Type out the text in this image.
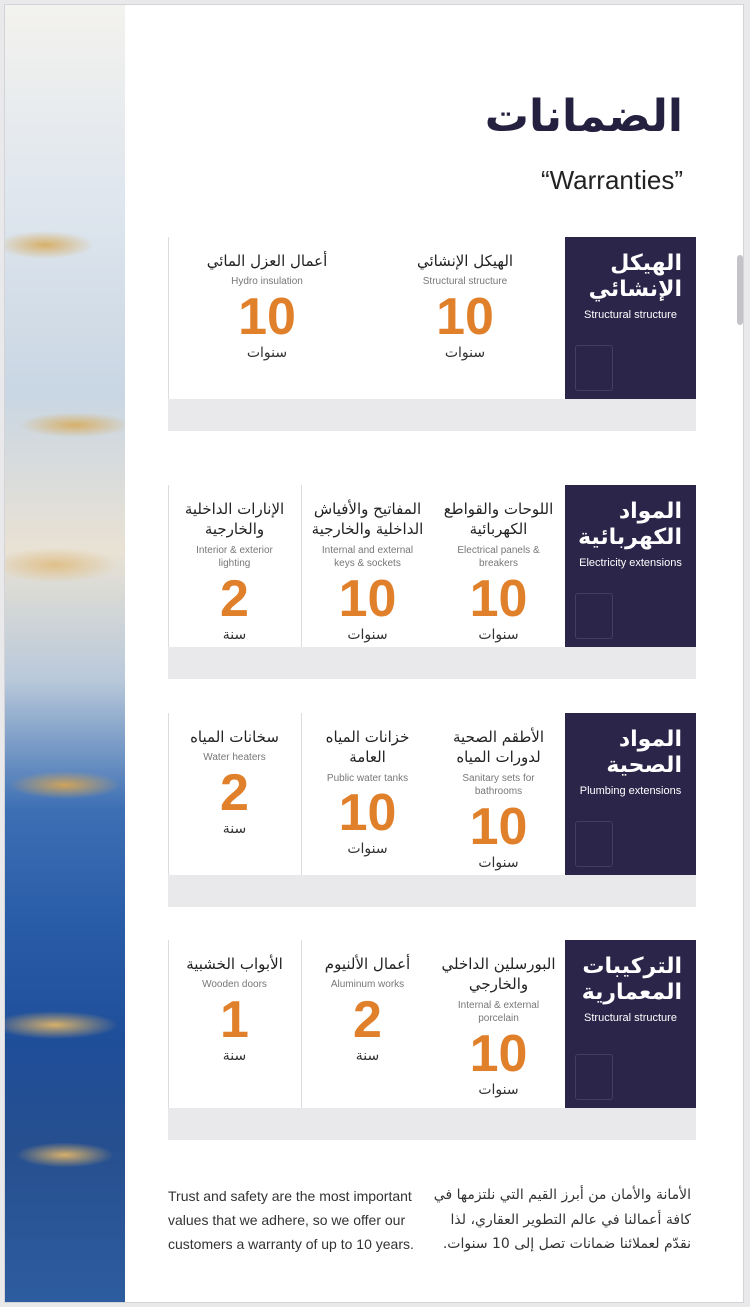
الضمانات
“Warranties”
الهيكل الإنشائي
Structural structure
الهيكل الإنشائي
Structural structure
10
سنوات
أعمال العزل المائي
Hydro insulation
10
سنوات
المواد الكهربائية
Electricity extensions
اللوحات والقواطع الكهربائية
Electrical panels & breakers
10
سنوات
المفاتيح والأفياش الداخلية والخارجية
Internal and external keys & sockets
10
سنوات
الإنارات الداخلية والخارجية
Interior & exterior lighting
2
سنة
المواد الصحية
Plumbing extensions
الأطقم الصحية لدورات المياه
Sanitary sets for bathrooms
10
سنوات
خزانات المياه العامة
Public water tanks
10
سنوات
سخانات المياه
Water heaters
2
سنة
التركيبات المعمارية
Structural structure
البورسلين الداخلي والخارجي
Internal & external porcelain
10
سنوات
أعمال الألنيوم
Aluminum works
2
سنة
الأبواب الخشبية
Wooden doors
1
سنة
Trust and safety are the most important values that we adhere, so we offer our customers a warranty of up to 10 years.
الأمانة والأمان من أبرز القيم التي نلتزمها في كافة أعمالنا في عالم التطوير العقاري، لذا نقدّم لعملائنا ضمانات تصل إلى 10 سنوات.
